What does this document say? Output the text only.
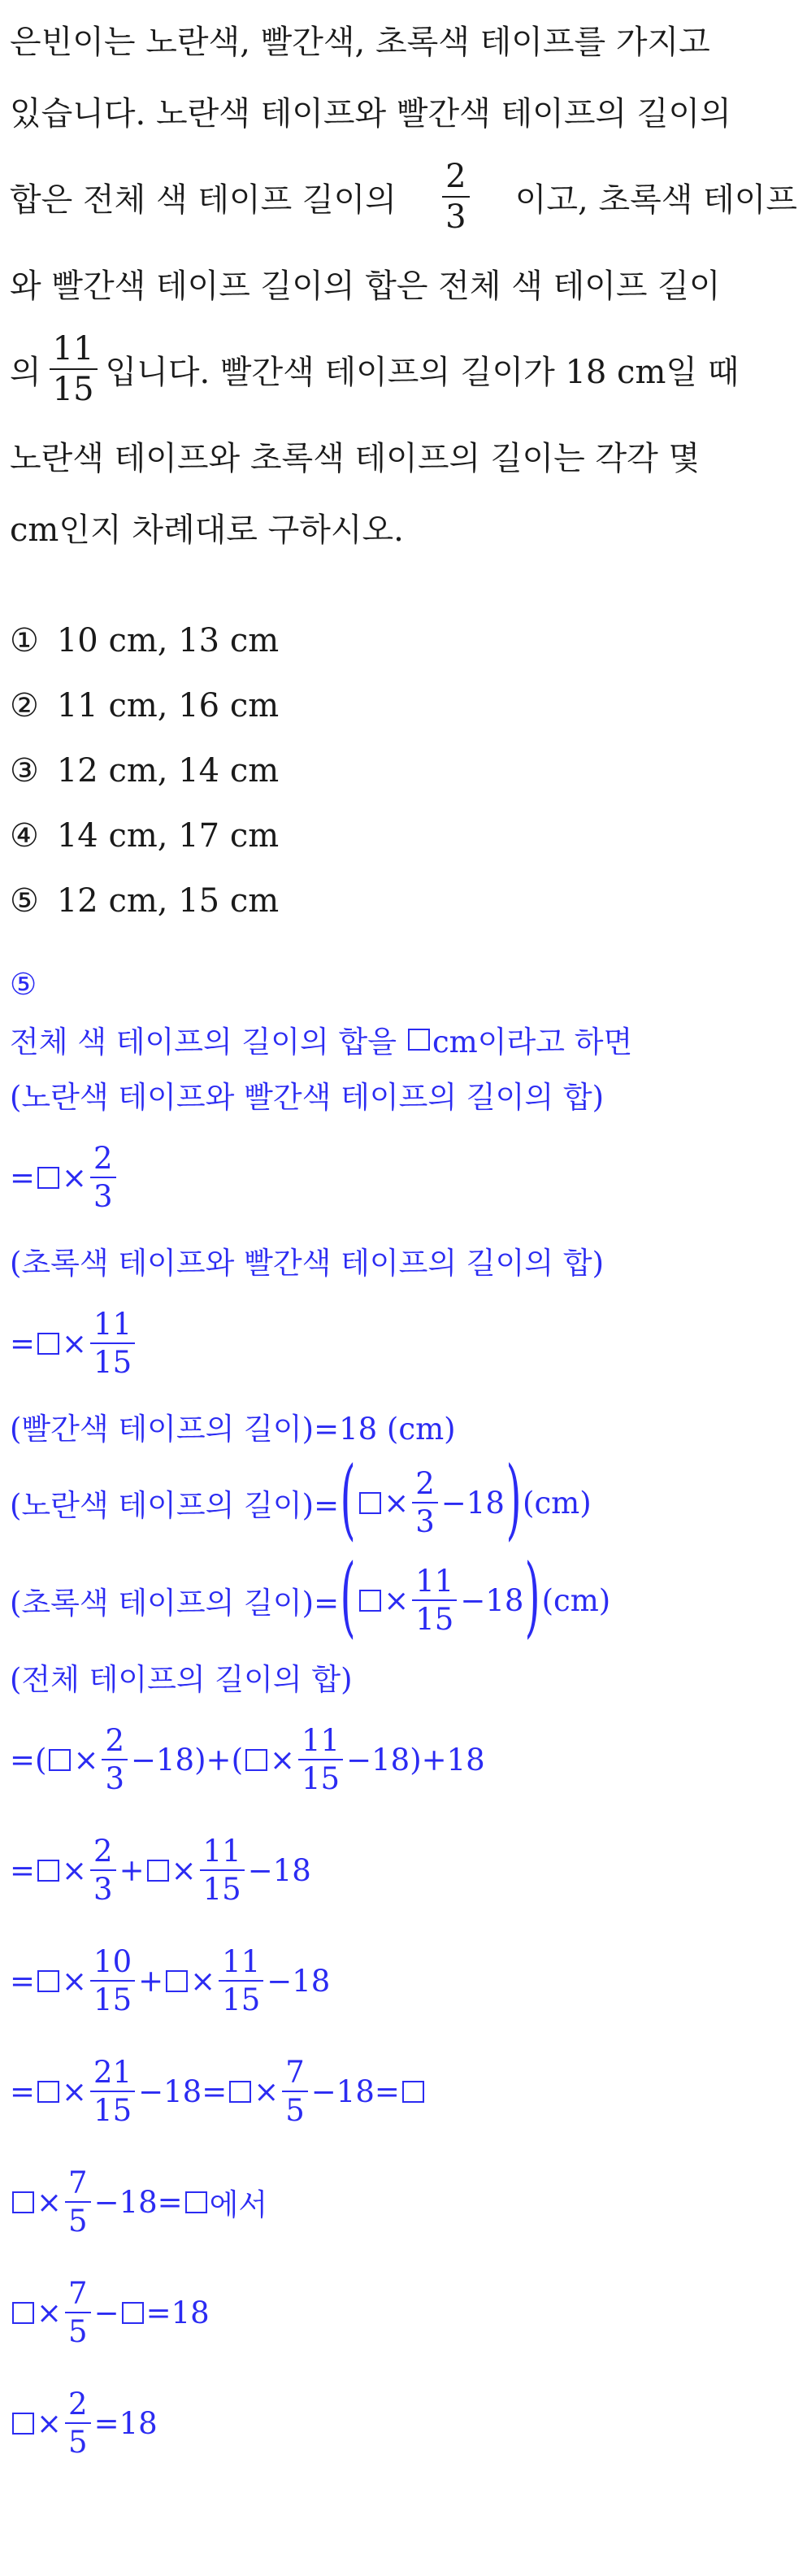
은빈이는 노란색, 빨간색, 초록색 테이프를 가지고
있습니다. 노란색 테이프와 빨간색 테이프의 길이의
합은 전체 색 테이프 길이의 $\frac{2}{3}$ 이고, 초록색 테이프
와 빨간색 테이프 길이의 합은 전체 색 테이프 길이
의 $\frac{11}{15}$ 입니다. 빨간색 테이프의 길이가 18 cm일 때
노란색 테이프와 초록색 테이프의 길이는 각각 몇
cm인지 차례대로 구하시오.
① 10 cm, 13 cm
② 11 cm, 16 cm
③ 12 cm, 14 cm
④ 14 cm, 17 cm
⑤ 12 cm, 15 cm
⑤
전체 색 테이프의 길이의 합을 cm이라고 하면
(노란색 테이프와 빨간색 테이프의 길이의 합)
= × $\frac{2}{3}$
(초록색 테이프와 빨간색 테이프의 길이의 합)
= × $\frac{11}{15}$
(빨간색 테이프의 길이)=18 (cm)
(노란색 테이프의 길이)= ( × $\frac{2}{3} -18$ ) (cm)
(초록색 테이프의 길이)= ( × $\frac{11}{15} -18$ ) (cm)
(전체 테이프의 길이의 합)
= ( × $\frac{2}{3} -18$ ) + ( × $\frac{11}{15} -18$ ) +18
= × $\frac{2}{3}$ + × $\frac{11}{15} -18$
= × $\frac{10}{15}$ + × $\frac{11}{15} -18$
= × $\frac{21}{15} -18$ = × $\frac{7}{5} -18$ =
× $\frac{7}{5} -18$ = 에서
× $\frac{7}{5} - =18$
× $\frac{2}{5} =18$
